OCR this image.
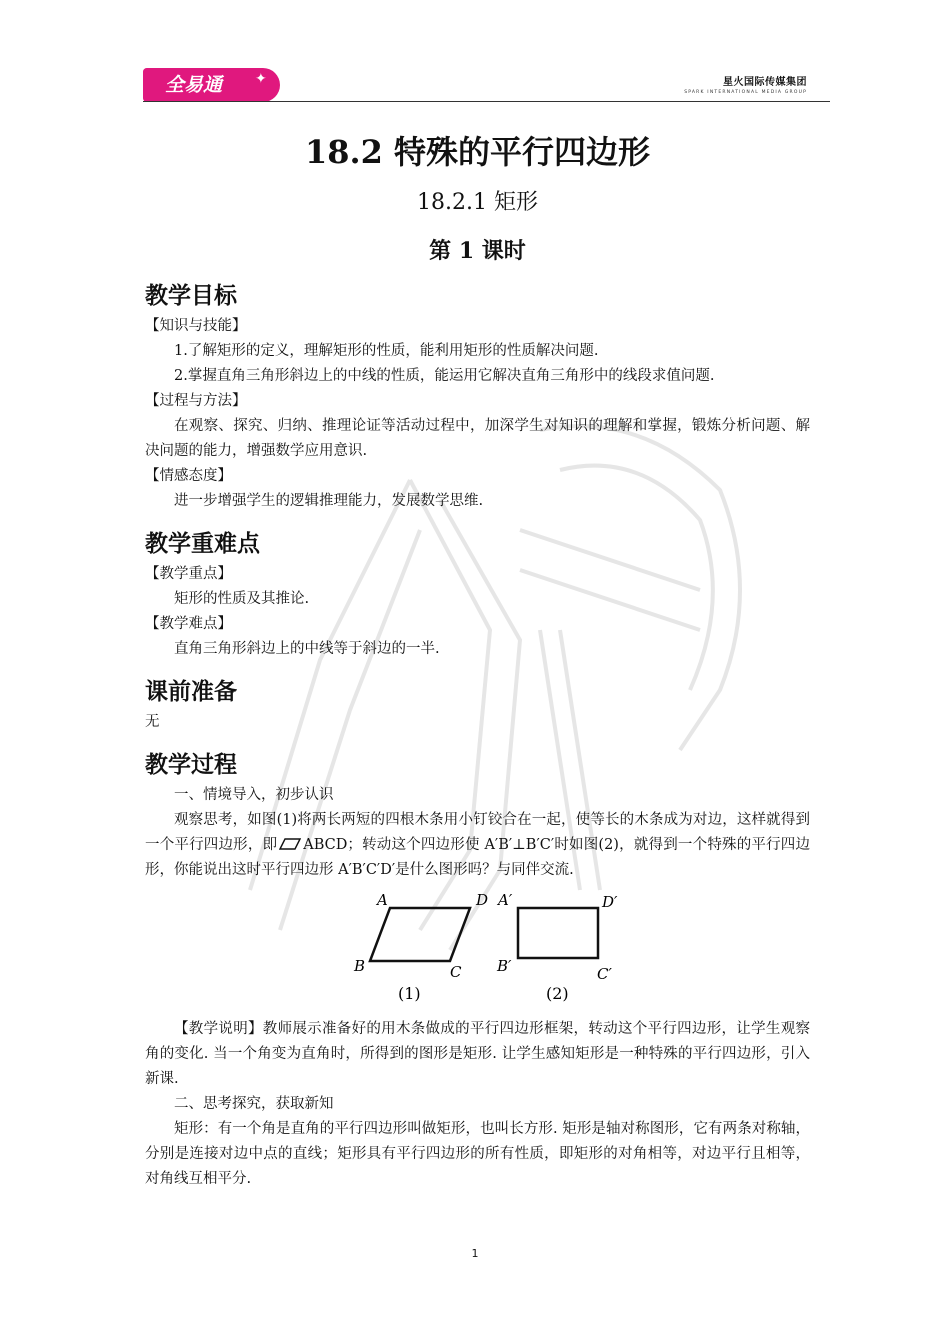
全易通 ✦	星火国际传媒集团
SPARK INTERNATIONAL MEDIA GROUP
18.2 特殊的平行四边形
18.2.1 矩形
第 1 课时
教学目标

【知识与技能】

1.了解矩形的定义，理解矩形的性质，能利用矩形的性质解决问题.

2.掌握直角三角形斜边上的中线的性质，能运用它解决直角三角形中的线段求值问题.

【过程与方法】

在观察、探究、归纳、推理论证等活动过程中，加深学生对知识的理解和掌握，锻炼分析问题、解决问题的能力，增强数学应用意识.

【情感态度】

进一步增强学生的逻辑推理能力，发展数学思维.

教学重难点

【教学重点】

矩形的性质及其推论.

【教学难点】

直角三角形斜边上的中线等于斜边的一半.

课前准备

无

教学过程

一、情境导入，初步认识

观察思考，如图(1)将两长两短的四根木条用小钉铰合在一起，使等长的木条成为对边，这样就得到一个平行四边形，即 ABCD；转动这个四边形使 A′B′⊥B′C′时如图(2)，就得到一个特殊的平行四边形，你能说出这时平行四边形 A′B′C′D′是什么图形吗？与同伴交流.

A	D
B	C
(1)
A′	D′
B′	C′
(2)

【教学说明】教师展示准备好的用木条做成的平行四边形框架，转动这个平行四边形，让学生观察角的变化. 当一个角变为直角时，所得到的图形是矩形. 让学生感知矩形是一种特殊的平行四边形，引入新课.

二、思考探究，获取新知

矩形：有一个角是直角的平行四边形叫做矩形，也叫长方形. 矩形是轴对称图形，它有两条对称轴，分别是连接对边中点的直线；矩形具有平行四边形的所有性质，即矩形的对角相等，对边平行且相等，对角线互相平分.

1
